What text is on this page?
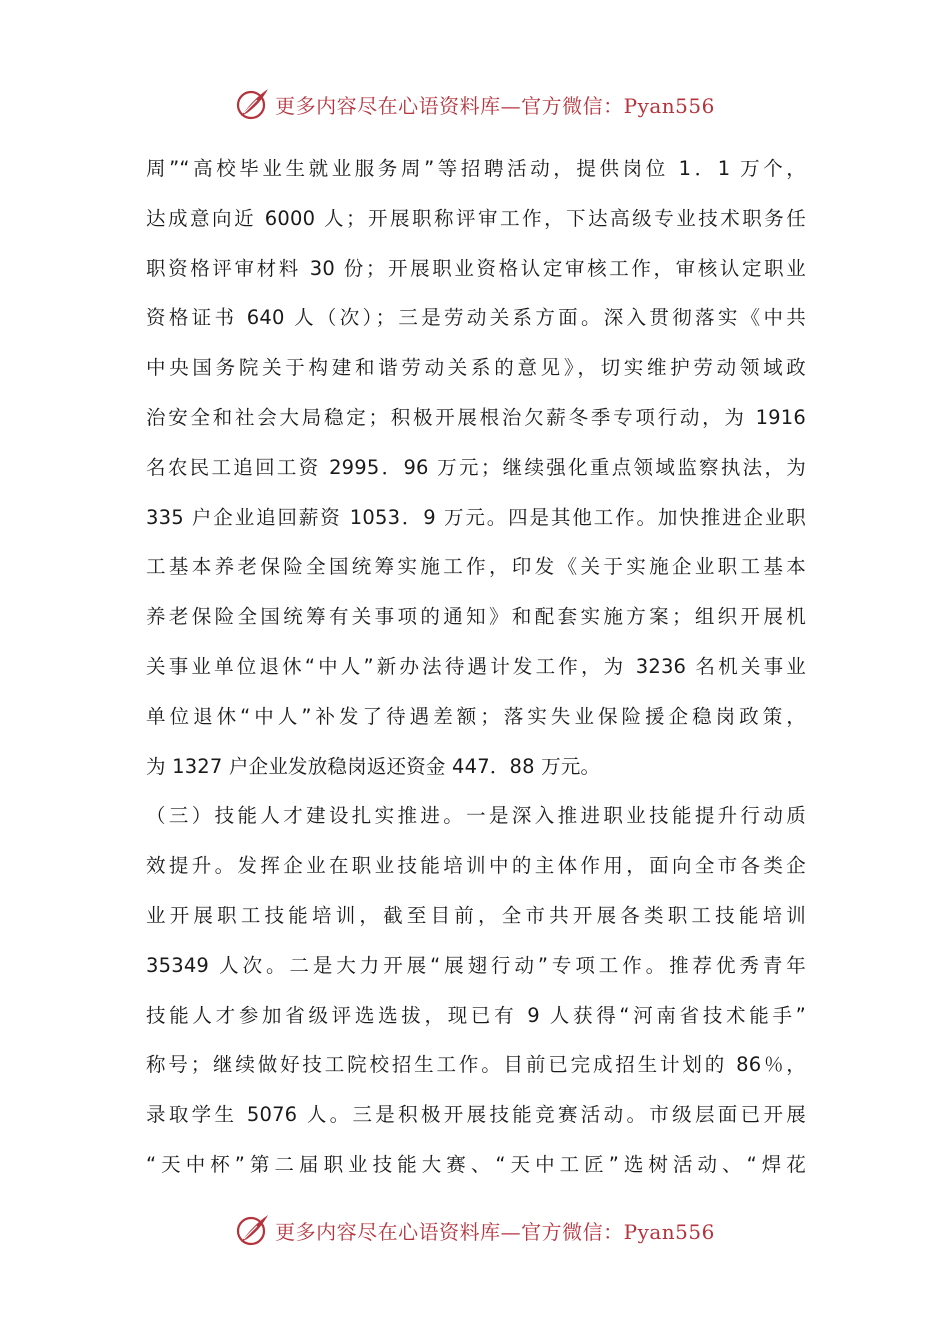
更多内容尽在心语资料库—官方微信：Pyan556
周”“高校毕业生就业服务周”等招聘活动，提供岗位 1．1 万个，
达成意向近 6000 人；开展职称评审工作，下达高级专业技术职务任
职资格评审材料 30 份；开展职业资格认定审核工作，审核认定职业
资格证书 640 人（次）；三是劳动关系方面。深入贯彻落实《中共
中央国务院关于构建和谐劳动关系的意见》，切实维护劳动领域政
治安全和社会大局稳定；积极开展根治欠薪冬季专项行动，为 1916
名农民工追回工资 2995．96 万元；继续强化重点领域监察执法，为
335 户企业追回薪资 1053．9 万元。四是其他工作。加快推进企业职
工基本养老保险全国统筹实施工作，印发《关于实施企业职工基本
养老保险全国统筹有关事项的通知》和配套实施方案；组织开展机
关事业单位退休“中人”新办法待遇计发工作，为 3236 名机关事业
单位退休“中人”补发了待遇差额；落实失业保险援企稳岗政策，
为 1327 户企业发放稳岗返还资金 447．88 万元。
（三）技能人才建设扎实推进。一是深入推进职业技能提升行动质
效提升。发挥企业在职业技能培训中的主体作用，面向全市各类企
业开展职工技能培训，截至目前，全市共开展各类职工技能培训
35349 人次。二是大力开展“展翅行动”专项工作。推荐优秀青年
技能人才参加省级评选选拔，现已有 9 人获得“河南省技术能手”
称号；继续做好技工院校招生工作。目前已完成招生计划的 86％，
录取学生 5076 人。三是积极开展技能竞赛活动。市级层面已开展
“天中杯”第二届职业技能大赛、“天中工匠”选树活动、“焊花
更多内容尽在心语资料库—官方微信：Pyan556
